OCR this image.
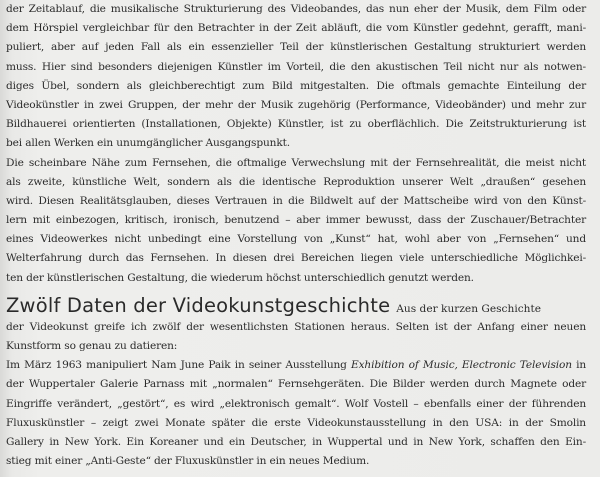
der Zeitablauf, die musikalische Strukturierung des Videobandes, das nun eher der Musik, dem Film oder
dem Hörspiel vergleichbar für den Betrachter in der Zeit abläuft, die vom Künstler gedehnt, gerafft, mani-
puliert, aber auf jeden Fall als ein essenzieller Teil der künstlerischen Gestaltung strukturiert werden
muss. Hier sind besonders diejenigen Künstler im Vorteil, die den akustischen Teil nicht nur als notwen-
diges Übel, sondern als gleichberechtigt zum Bild mitgestalten. Die oftmals gemachte Einteilung der
Videokünstler in zwei Gruppen, der mehr der Musik zugehörig (Performance, Videobänder) und mehr zur
Bildhauerei orientierten (Installationen, Objekte) Künstler, ist zu oberflächlich. Die Zeitstrukturierung ist
bei allen Werken ein unumgänglicher Ausgangspunkt.
Die scheinbare Nähe zum Fernsehen, die oftmalige Verwechslung mit der Fernsehrealität, die meist nicht
als zweite, künstliche Welt, sondern als die identische Reproduktion unserer Welt „draußen“ gesehen
wird. Diesen Realitätsglauben, dieses Vertrauen in die Bildwelt auf der Mattscheibe wird von den Künst-
lern mit einbezogen, kritisch, ironisch, benutzend – aber immer bewusst, dass der Zuschauer/Betrachter
eines Videowerkes nicht unbedingt eine Vorstellung von „Kunst“ hat, wohl aber von „Fernsehen“ und
Welterfahrung durch das Fernsehen. In diesen drei Bereichen liegen viele unterschiedliche Möglichkei-
ten der künstlerischen Gestaltung, die wiederum höchst unterschiedlich genutzt werden.
Zwölf Daten der Videokunstgeschichte Aus der kurzen Geschichte
der Videokunst greife ich zwölf der wesentlichsten Stationen heraus. Selten ist der Anfang einer neuen
Kunstform so genau zu datieren:
Im März 1963 manipuliert Nam June Paik in seiner Ausstellung Exhibition of Music, Electronic Television in
der Wuppertaler Galerie Parnass mit „normalen“ Fernsehgeräten. Die Bilder werden durch Magnete oder
Eingriffe verändert, „gestört“, es wird „elektronisch gemalt“. Wolf Vostell – ebenfalls einer der führenden
Fluxuskünstler – zeigt zwei Monate später die erste Videokunstausstellung in den USA: in der Smolin
Gallery in New York. Ein Koreaner und ein Deutscher, in Wuppertal und in New York, schaffen den Ein-
stieg mit einer „Anti-Geste“ der Fluxuskünstler in ein neues Medium.
